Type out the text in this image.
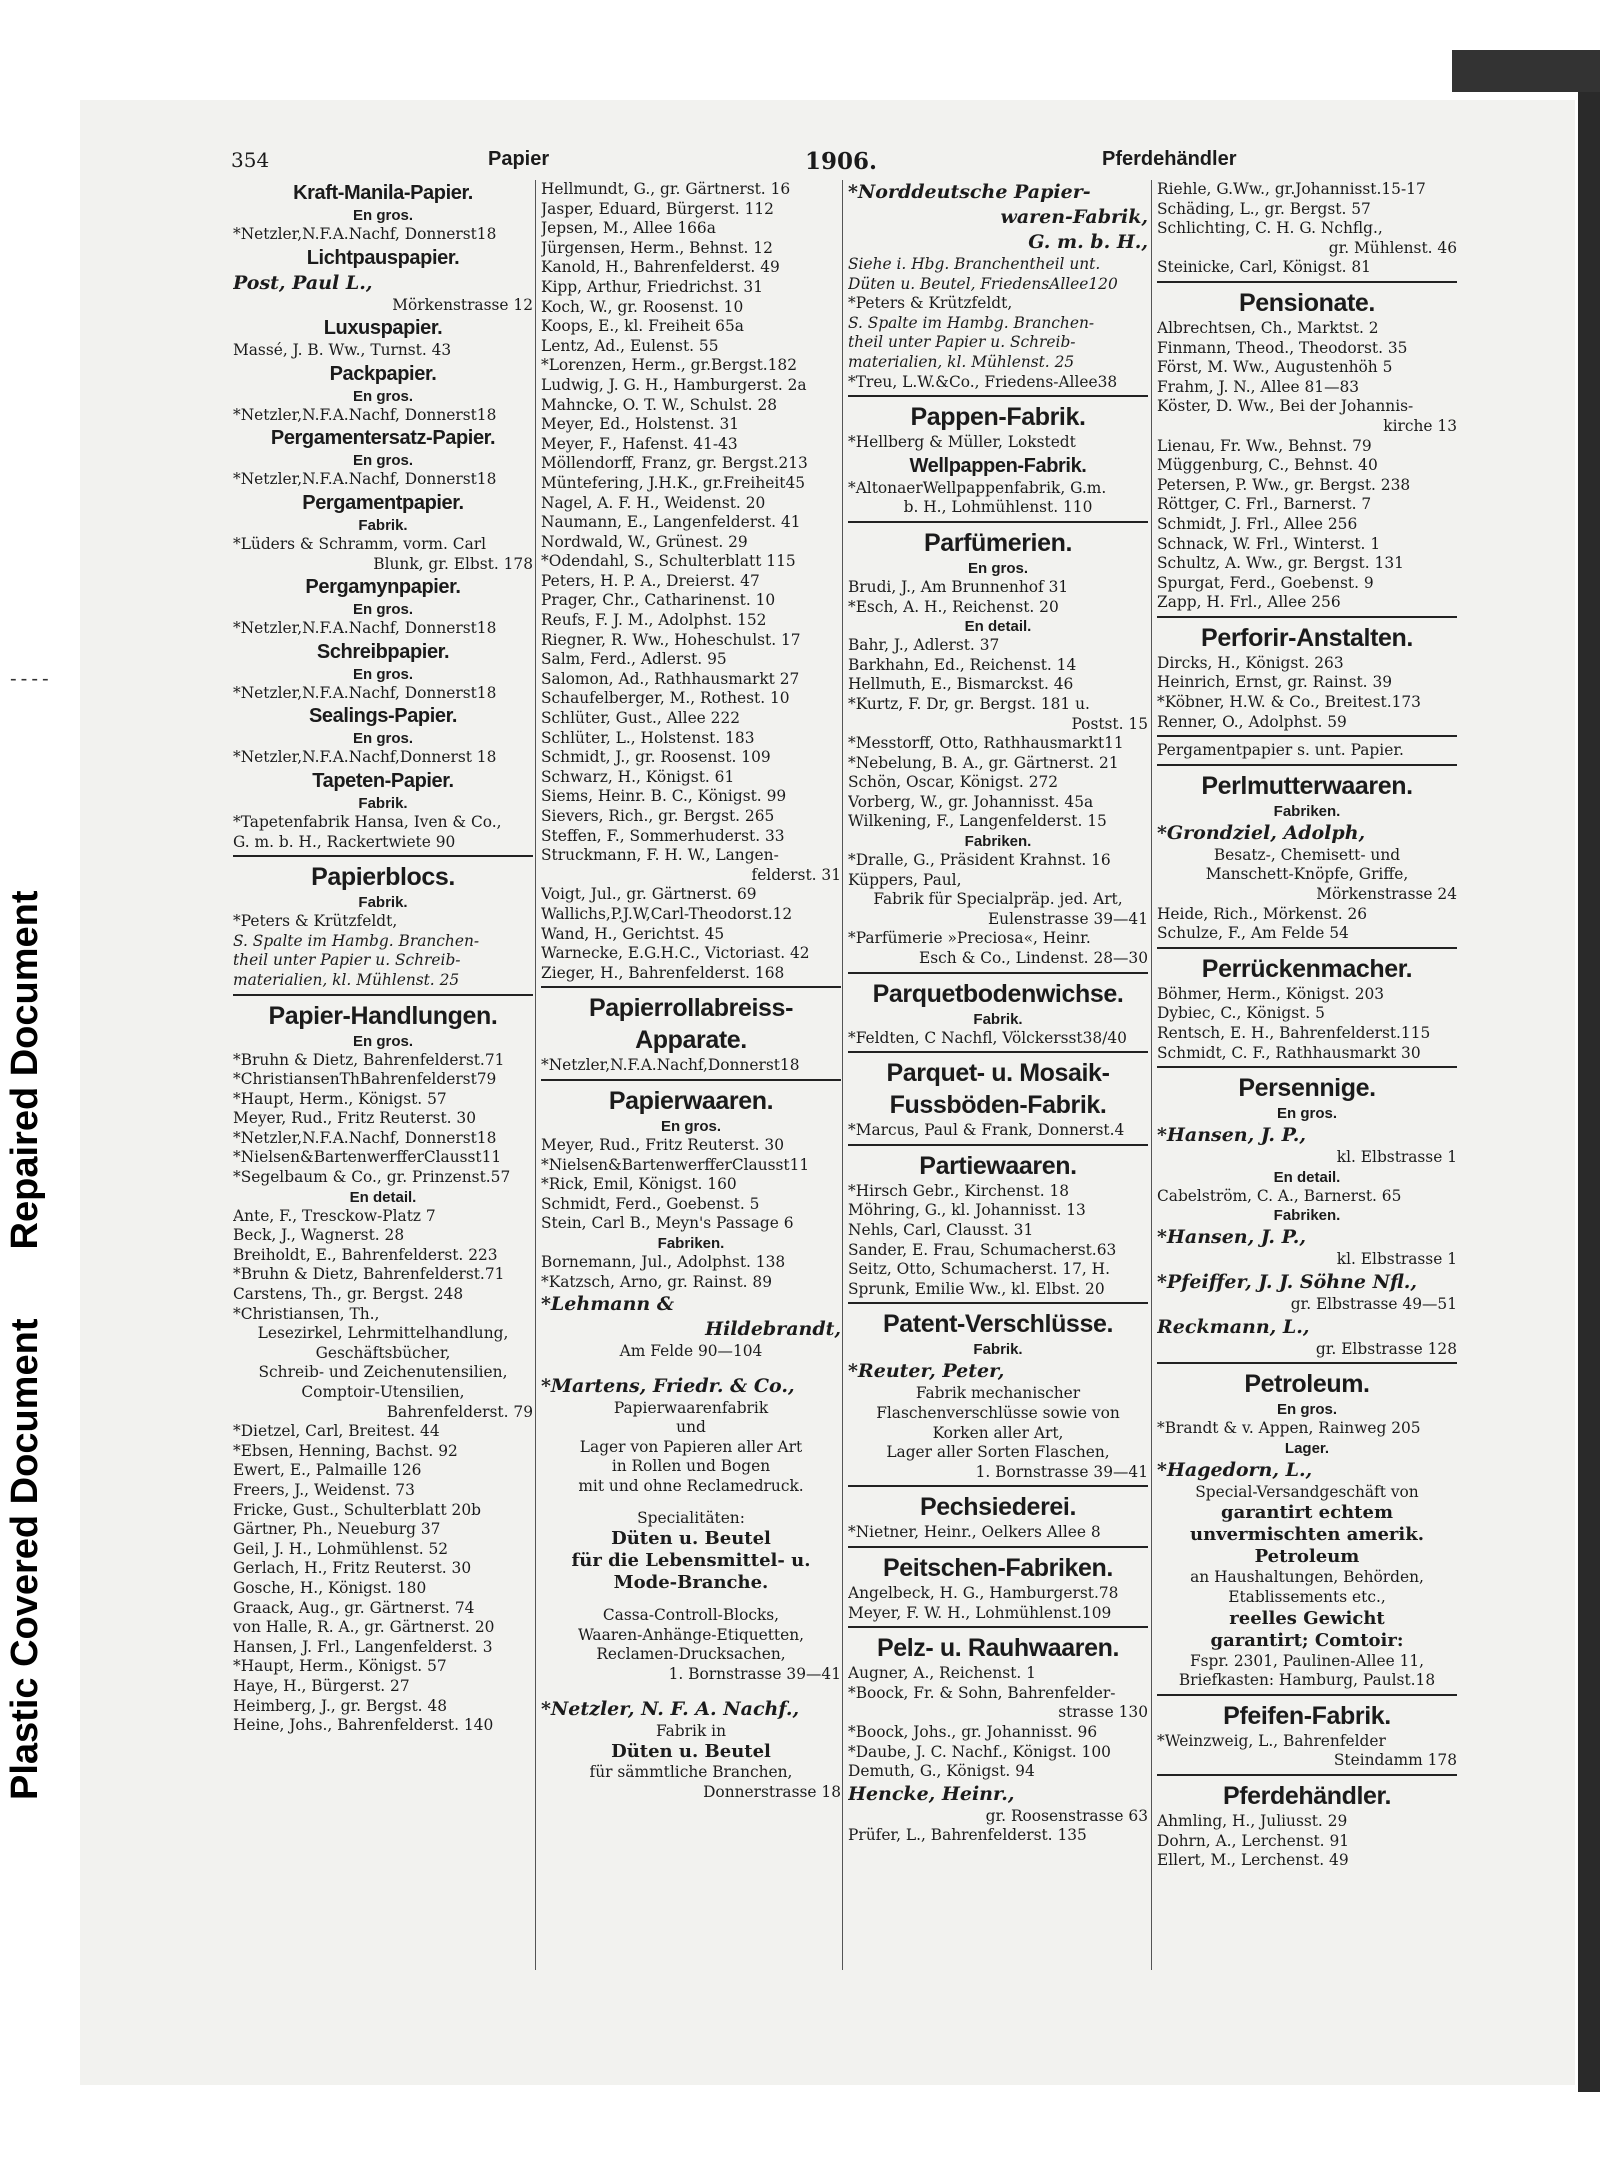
----
Plastic Covered Document Repaired Document
354	Papier	1906.	Pferdehändler
Kraft-Manila-Papier.
En gros.
*Netzler,N.F.A.Nachf, Donnerst18
Lichtpauspapier.
Post, Paul L.,
Mörkenstrasse 12
Luxuspapier.
Massé, J. B. Ww., Turnst. 43
Packpapier.
En gros.
*Netzler,N.F.A.Nachf, Donnerst18
Pergamentersatz-Papier.
En gros.
*Netzler,N.F.A.Nachf, Donnerst18
Pergamentpapier.
Fabrik.
*Lüders & Schramm, vorm. Carl
Blunk, gr. Elbst. 178
Pergamynpapier.
En gros.
*Netzler,N.F.A.Nachf, Donnerst18
Schreibpapier.
En gros.
*Netzler,N.F.A.Nachf, Donnerst18
Sealings-Papier.
En gros.
*Netzler,N.F.A.Nachf,Donnerst 18
Tapeten-Papier.
Fabrik.
*Tapetenfabrik Hansa, Iven & Co.,
G. m. b. H., Rackertwiete 90
Papierblocs.
Fabrik.
*Peters & Krützfeldt,
S. Spalte im Hambg. Branchen-
theil unter Papier u. Schreib-
materialien, kl. Mühlenst. 25
Papier-Handlungen.
En gros.
*Bruhn & Dietz, Bahrenfelderst.71
*ChristiansenThBahrenfelderst79
*Haupt, Herm., Königst. 57
Meyer, Rud., Fritz Reuterst. 30
*Netzler,N.F.A.Nachf, Donnerst18
*Nielsen&BartenwerfferClausst11
*Segelbaum & Co., gr. Prinzenst.57
En detail.
Ante, F., Tresckow-Platz 7
Beck, J., Wagnerst. 28
Breiholdt, E., Bahrenfelderst. 223
*Bruhn & Dietz, Bahrenfelderst.71
Carstens, Th., gr. Bergst. 248
*Christiansen, Th.,
Lesezirkel, Lehrmittelhandlung,
Geschäftsbücher,
Schreib- und Zeichenutensilien,
Comptoir-Utensilien,
Bahrenfelderst. 79
*Dietzel, Carl, Breitest. 44
*Ebsen, Henning, Bachst. 92
Ewert, E., Palmaille 126
Freers, J., Weidenst. 73
Fricke, Gust., Schulterblatt 20b
Gärtner, Ph., Neueburg 37
Geil, J. H., Lohmühlenst. 52
Gerlach, H., Fritz Reuterst. 30
Gosche, H., Königst. 180
Graack, Aug., gr. Gärtnerst. 74
von Halle, R. A., gr. Gärtnerst. 20
Hansen, J. Frl., Langenfelderst. 3
*Haupt, Herm., Königst. 57
Haye, H., Bürgerst. 27
Heimberg, J., gr. Bergst. 48
Heine, Johs., Bahrenfelderst. 140
Hellmundt, G., gr. Gärtnerst. 16
Jasper, Eduard, Bürgerst. 112
Jepsen, M., Allee 166a
Jürgensen, Herm., Behnst. 12
Kanold, H., Bahrenfelderst. 49
Kipp, Arthur, Friedrichst. 31
Koch, W., gr. Roosenst. 10
Koops, E., kl. Freiheit 65a
Lentz, Ad., Eulenst. 55
*Lorenzen, Herm., gr.Bergst.182
Ludwig, J. G. H., Hamburgerst. 2a
Mahncke, O. T. W., Schulst. 28
Meyer, Ed., Holstenst. 31
Meyer, F., Hafenst. 41-43
Möllendorff, Franz, gr. Bergst.213
Müntefering, J.H.K., gr.Freiheit45
Nagel, A. F. H., Weidenst. 20
Naumann, E., Langenfelderst. 41
Nordwald, W., Grünest. 29
*Odendahl, S., Schulterblatt 115
Peters, H. P. A., Dreierst. 47
Prager, Chr., Catharinenst. 10
Reufs, F. J. M., Adolphst. 152
Riegner, R. Ww., Hoheschulst. 17
Salm, Ferd., Adlerst. 95
Salomon, Ad., Rathhausmarkt 27
Schaufelberger, M., Rothest. 10
Schlüter, Gust., Allee 222
Schlüter, L., Holstenst. 183
Schmidt, J., gr. Roosenst. 109
Schwarz, H., Königst. 61
Siems, Heinr. B. C., Königst. 99
Sievers, Rich., gr. Bergst. 265
Steffen, F., Sommerhuderst. 33
Struckmann, F. H. W., Langen-
felderst. 31
Voigt, Jul., gr. Gärtnerst. 69
Wallichs,P.J.W,Carl-Theodorst.12
Wand, H., Gerichtst. 45
Warnecke, E.G.H.C., Victoriast. 42
Zieger, H., Bahrenfelderst. 168
Papierrollabreiss-
Apparate.
*Netzler,N.F.A.Nachf,Donnerst18
Papierwaaren.
En gros.
Meyer, Rud., Fritz Reuterst. 30
*Nielsen&BartenwerfferClausst11
*Rick, Emil, Königst. 160
Schmidt, Ferd., Goebenst. 5
Stein, Carl B., Meyn's Passage 6
Fabriken.
Bornemann, Jul., Adolphst. 138
*Katzsch, Arno, gr. Rainst. 89
*Lehmann &
Hildebrandt,
Am Felde 90—104
*Martens, Friedr. & Co.,
Papierwaarenfabrik
und
Lager von Papieren aller Art
in Rollen und Bogen
mit und ohne Reclamedruck.
Specialitäten:
Düten u. Beutel
für die Lebensmittel- u.
Mode-Branche.
Cassa-Controll-Blocks,
Waaren-Anhänge-Etiquetten,
Reclamen-Drucksachen,
1. Bornstrasse 39—41
*Netzler, N. F. A. Nachf.,
Fabrik in
Düten u. Beutel
für sämmtliche Branchen,
Donnerstrasse 18
*Norddeutsche Papier-
waren-Fabrik,
G. m. b. H.,
Siehe i. Hbg. Branchentheil unt.
Düten u. Beutel, FriedensAllee120
*Peters & Krützfeldt,
S. Spalte im Hambg. Branchen-
theil unter Papier u. Schreib-
materialien, kl. Mühlenst. 25
*Treu, L.W.&Co., Friedens-Allee38
Pappen-Fabrik.
*Hellberg & Müller, Lokstedt
Wellpappen-Fabrik.
*AltonaerWellpappenfabrik, G.m.
b. H., Lohmühlenst. 110
Parfümerien.
En gros.
Brudi, J., Am Brunnenhof 31
*Esch, A. H., Reichenst. 20
En detail.
Bahr, J., Adlerst. 37
Barkhahn, Ed., Reichenst. 14
Hellmuth, E., Bismarckst. 46
*Kurtz, F. Dr, gr. Bergst. 181 u.
Postst. 15
*Messtorff, Otto, Rathhausmarkt11
*Nebelung, B. A., gr. Gärtnerst. 21
Schön, Oscar, Königst. 272
Vorberg, W., gr. Johannisst. 45a
Wilkening, F., Langenfelderst. 15
Fabriken.
*Dralle, G., Präsident Krahnst. 16
Küppers, Paul,
Fabrik für Specialpräp. jed. Art,
Eulenstrasse 39—41
*Parfümerie »Preciosa«, Heinr.
Esch & Co., Lindenst. 28—30
Parquetbodenwichse.
Fabrik.
*Feldten, C Nachfl, Völckersst38/40
Parquet- u. Mosaik-
Fussböden-Fabrik.
*Marcus, Paul & Frank, Donnerst.4
Partiewaaren.
*Hirsch Gebr., Kirchenst. 18
Möhring, G., kl. Johannisst. 13
Nehls, Carl, Clausst. 31
Sander, E. Frau, Schumacherst.63
Seitz, Otto, Schumacherst. 17, H.
Sprunk, Emilie Ww., kl. Elbst. 20
Patent-Verschlüsse.
Fabrik.
*Reuter, Peter,
Fabrik mechanischer
Flaschenverschlüsse sowie von
Korken aller Art,
Lager aller Sorten Flaschen,
1. Bornstrasse 39—41
Pechsiederei.
*Nietner, Heinr., Oelkers Allee 8
Peitschen-Fabriken.
Angelbeck, H. G., Hamburgerst.78
Meyer, F. W. H., Lohmühlenst.109
Pelz- u. Rauhwaaren.
Augner, A., Reichenst. 1
*Boock, Fr. & Sohn, Bahrenfelder-
strasse 130
*Boock, Johs., gr. Johannisst. 96
*Daube, J. C. Nachf., Königst. 100
Demuth, G., Königst. 94
Hencke, Heinr.,
gr. Roosenstrasse 63
Prüfer, L., Bahrenfelderst. 135
Riehle, G.Ww., gr.Johannisst.15-17
Schäding, L., gr. Bergst. 57
Schlichting, C. H. G. Nchflg.,
gr. Mühlenst. 46
Steinicke, Carl, Königst. 81
Pensionate.
Albrechtsen, Ch., Marktst. 2
Finmann, Theod., Theodorst. 35
Först, M. Ww., Augustenhöh 5
Frahm, J. N., Allee 81—83
Köster, D. Ww., Bei der Johannis-
kirche 13
Lienau, Fr. Ww., Behnst. 79
Müggenburg, C., Behnst. 40
Petersen, P. Ww., gr. Bergst. 238
Röttger, C. Frl., Barnerst. 7
Schmidt, J. Frl., Allee 256
Schnack, W. Frl., Winterst. 1
Schultz, A. Ww., gr. Bergst. 131
Spurgat, Ferd., Goebenst. 9
Zapp, H. Frl., Allee 256
Perforir-Anstalten.
Dircks, H., Königst. 263
Heinrich, Ernst, gr. Rainst. 39
*Köbner, H.W. & Co., Breitest.173
Renner, O., Adolphst. 59
Pergamentpapier s. unt. Papier.
Perlmutterwaaren.
Fabriken.
*Grondziel, Adolph,
Besatz-, Chemisett- und
Manschett-Knöpfe, Griffe,
Mörkenstrasse 24
Heide, Rich., Mörkenst. 26
Schulze, F., Am Felde 54
Perrückenmacher.
Böhmer, Herm., Königst. 203
Dybiec, C., Königst. 5
Rentsch, E. H., Bahrenfelderst.115
Schmidt, C. F., Rathhausmarkt 30
Persennige.
En gros.
*Hansen, J. P.,
kl. Elbstrasse 1
En detail.
Cabelström, C. A., Barnerst. 65
Fabriken.
*Hansen, J. P.,
kl. Elbstrasse 1
*Pfeiffer, J. J. Söhne Nfl.,
gr. Elbstrasse 49—51
Reckmann, L.,
gr. Elbstrasse 128
Petroleum.
En gros.
*Brandt & v. Appen, Rainweg 205
Lager.
*Hagedorn, L.,
Special-Versandgeschäft von
garantirt echtem
unvermischten amerik.
Petroleum
an Haushaltungen, Behörden,
Etablissements etc.,
reelles Gewicht
garantirt; Comtoir:
Fspr. 2301, Paulinen-Allee 11,
Briefkasten: Hamburg, Paulst.18
Pfeifen-Fabrik.
*Weinzweig, L., Bahrenfelder
Steindamm 178
Pferdehändler.
Ahmling, H., Juliusst. 29
Dohrn, A., Lerchenst. 91
Ellert, M., Lerchenst. 49
